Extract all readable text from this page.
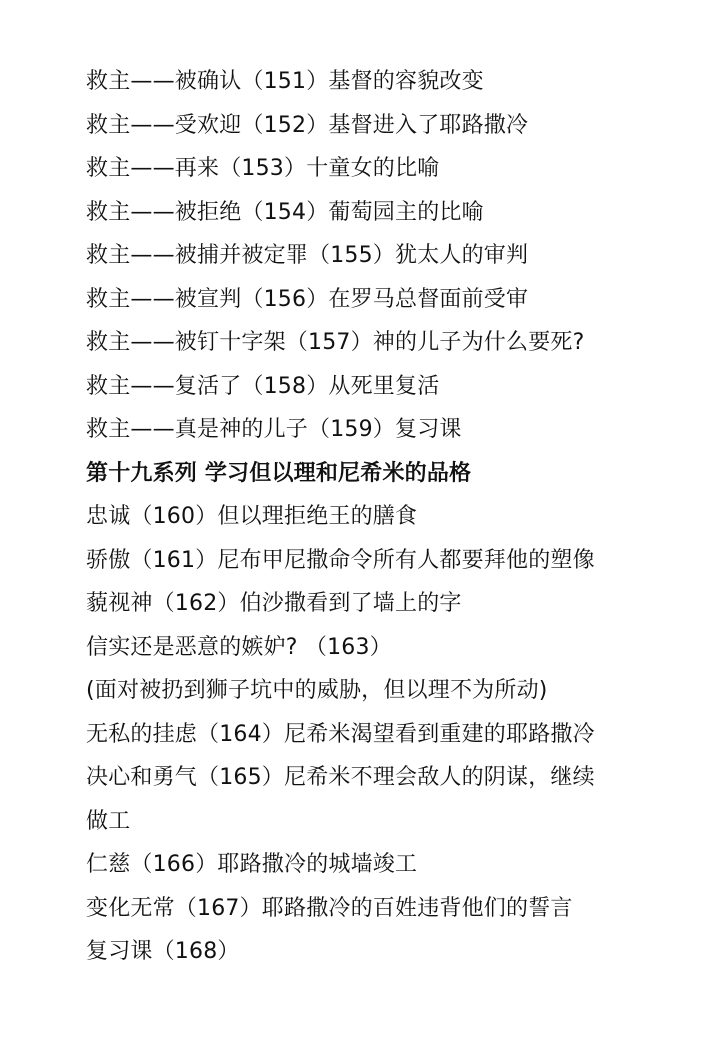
救主——被确认（151）基督的容貌改变
救主——受欢迎（152）基督进入了耶路撒冷
救主——再来（153）十童女的比喻
救主——被拒绝（154）葡萄园主的比喻
救主——被捕并被定罪（155）犹太人的审判
救主——被宣判（156）在罗马总督面前受审
救主——被钉十字架（157）神的儿子为什么要死?
救主——复活了（158）从死里复活
救主——真是神的儿子（159）复习课
第十九系列 学习但以理和尼希米的品格
忠诚（160）但以理拒绝王的膳食
骄傲（161）尼布甲尼撒命令所有人都要拜他的塑像
藐视神（162）伯沙撒看到了墙上的字
信实还是恶意的嫉妒? （163）
(面对被扔到狮子坑中的威胁，但以理不为所动)
无私的挂虑（164）尼希米渴望看到重建的耶路撒冷
决心和勇气（165）尼希米不理会敌人的阴谋，继续
做工
仁慈（166）耶路撒冷的城墙竣工
变化无常（167）耶路撒冷的百姓违背他们的誓言
复习课（168）
